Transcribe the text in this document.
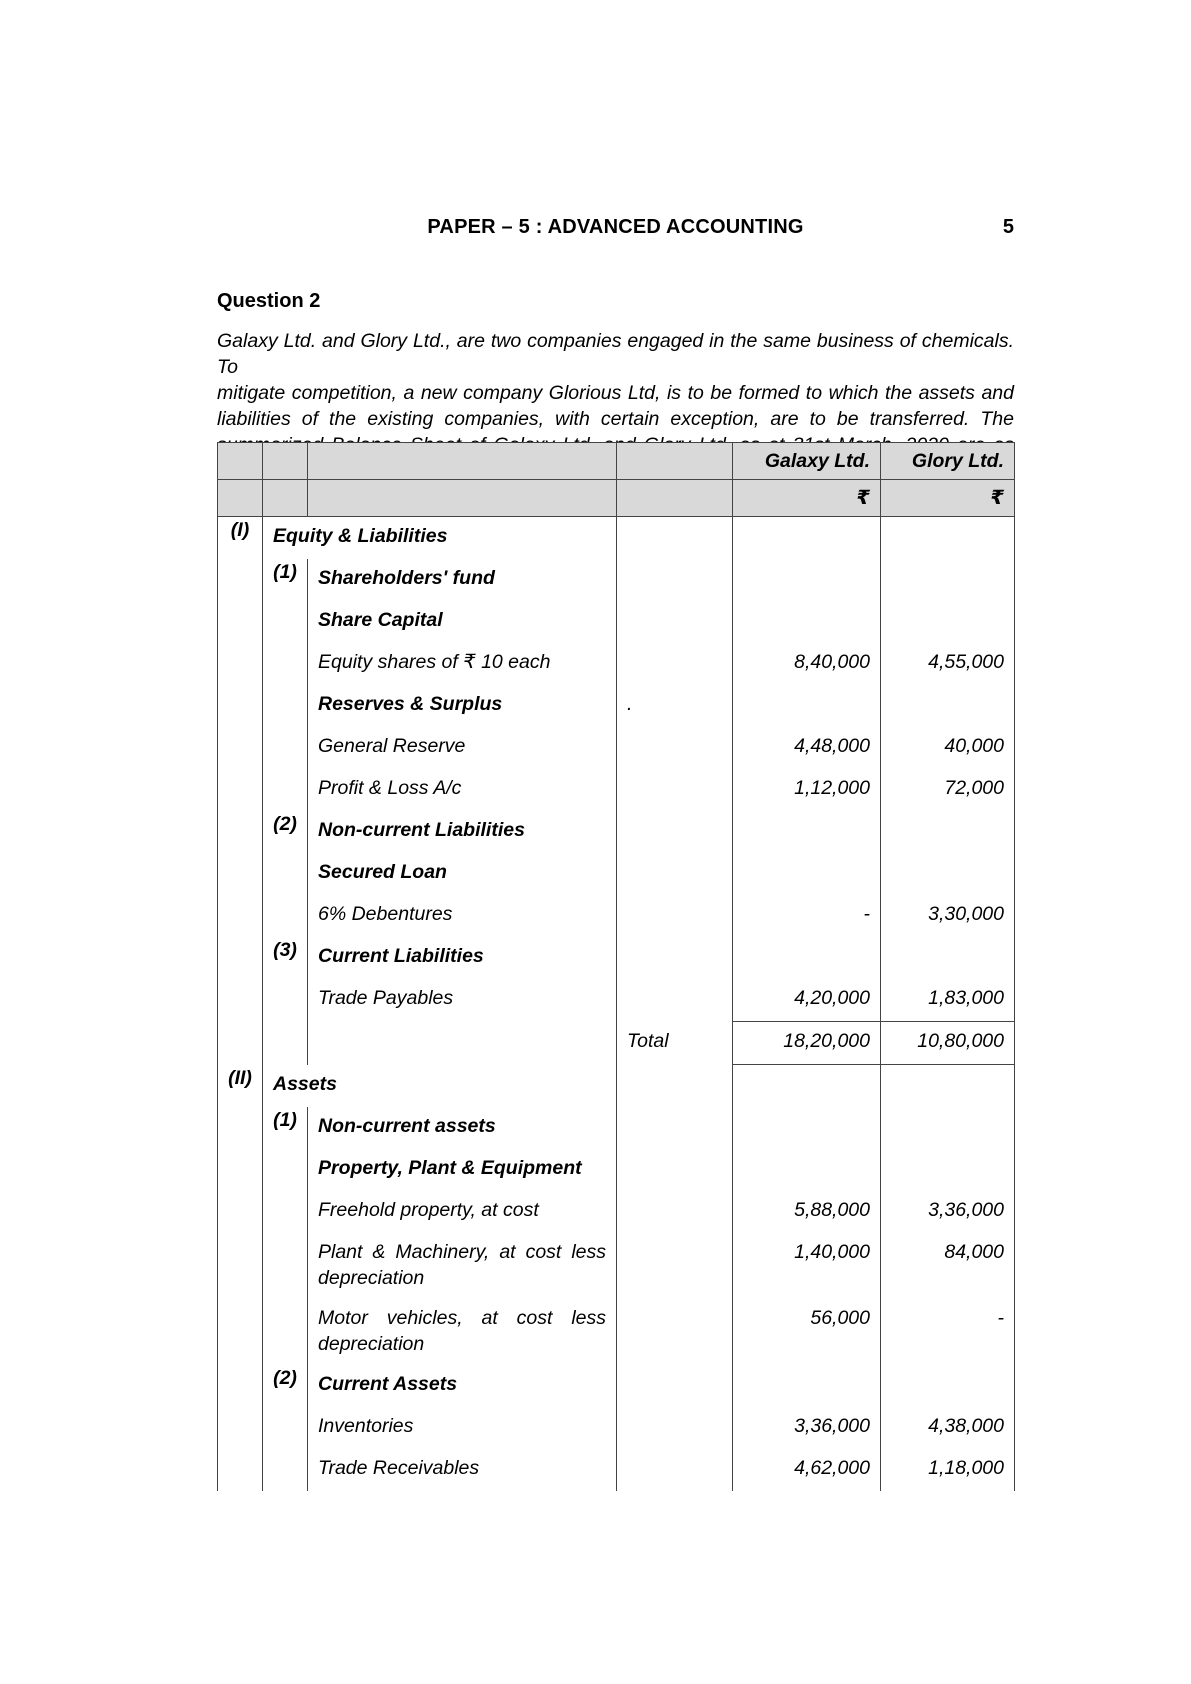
PAPER – 5 : ADVANCED ACCOUNTING	5
Question 2
Galaxy Ltd. and Glory Ltd., are two companies engaged in the same business of chemicals. To
mitigate competition, a new company Glorious Ltd, is to be formed to which the assets and
liabilities of the existing companies, with certain exception, are to be transferred. The
				Galaxy Ltd.	Glory Ltd.
				₹	₹
(I)	Equity & Liabilities				
	(1)	Shareholders' fund			
		Share Capital			
		Equity shares of ₹ 10 each		8,40,000	4,55,000
		Reserves & Surplus	.		
		General Reserve		4,48,000	40,000
		Profit & Loss A/c		1,12,000	72,000
	(2)	Non-current Liabilities			
		Secured Loan			
		6% Debentures		-	3,30,000
	(3)	Current Liabilities			
		Trade Payables		4,20,000	1,83,000
			Total	18,20,000	10,80,000
(II)	Assets				
	(1)	Non-current assets			
		Property, Plant & Equipment			
		Freehold property, at cost		5,88,000	3,36,000
		Plant & Machinery, at cost less depreciation		1,40,000	84,000
		Motor vehicles, at cost less depreciation		56,000	-
	(2)	Current Assets			
		Inventories		3,36,000	4,38,000
		Trade Receivables		4,62,000	1,18,000
